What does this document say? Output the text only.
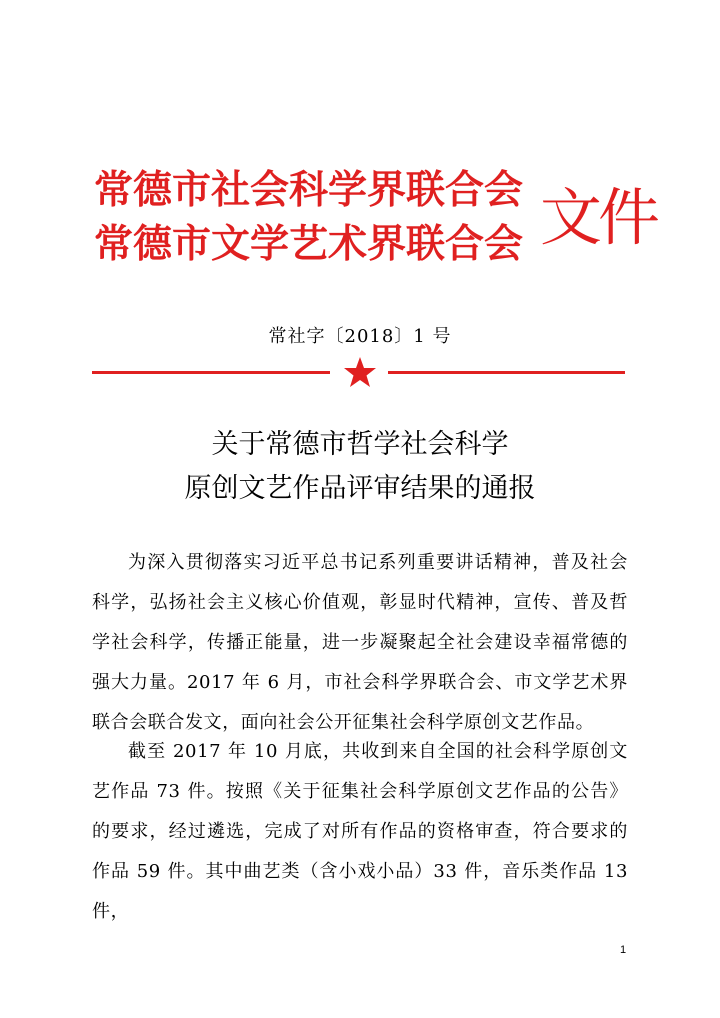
常德市社会科学界联合会
常德市文学艺术界联合会 文件
常社字〔2018〕1 号
关于常德市哲学社会科学
原创文艺作品评审结果的通报
为深入贯彻落实习近平总书记系列重要讲话精神，普及社会科学，弘扬社会主义核心价值观，彰显时代精神，宣传、普及哲学社会科学，传播正能量，进一步凝聚起全社会建设幸福常德的强大力量。2017 年 6 月，市社会科学界联合会、市文学艺术界联合会联合发文，面向社会公开征集社会科学原创文艺作品。
截至 2017 年 10 月底，共收到来自全国的社会科学原创文艺作品 73 件。按照《关于征集社会科学原创文艺作品的公告》的要求，经过遴选，完成了对所有作品的资格审查，符合要求的作品 59 件。其中曲艺类（含小戏小品）33 件，音乐类作品 13 件，
1
